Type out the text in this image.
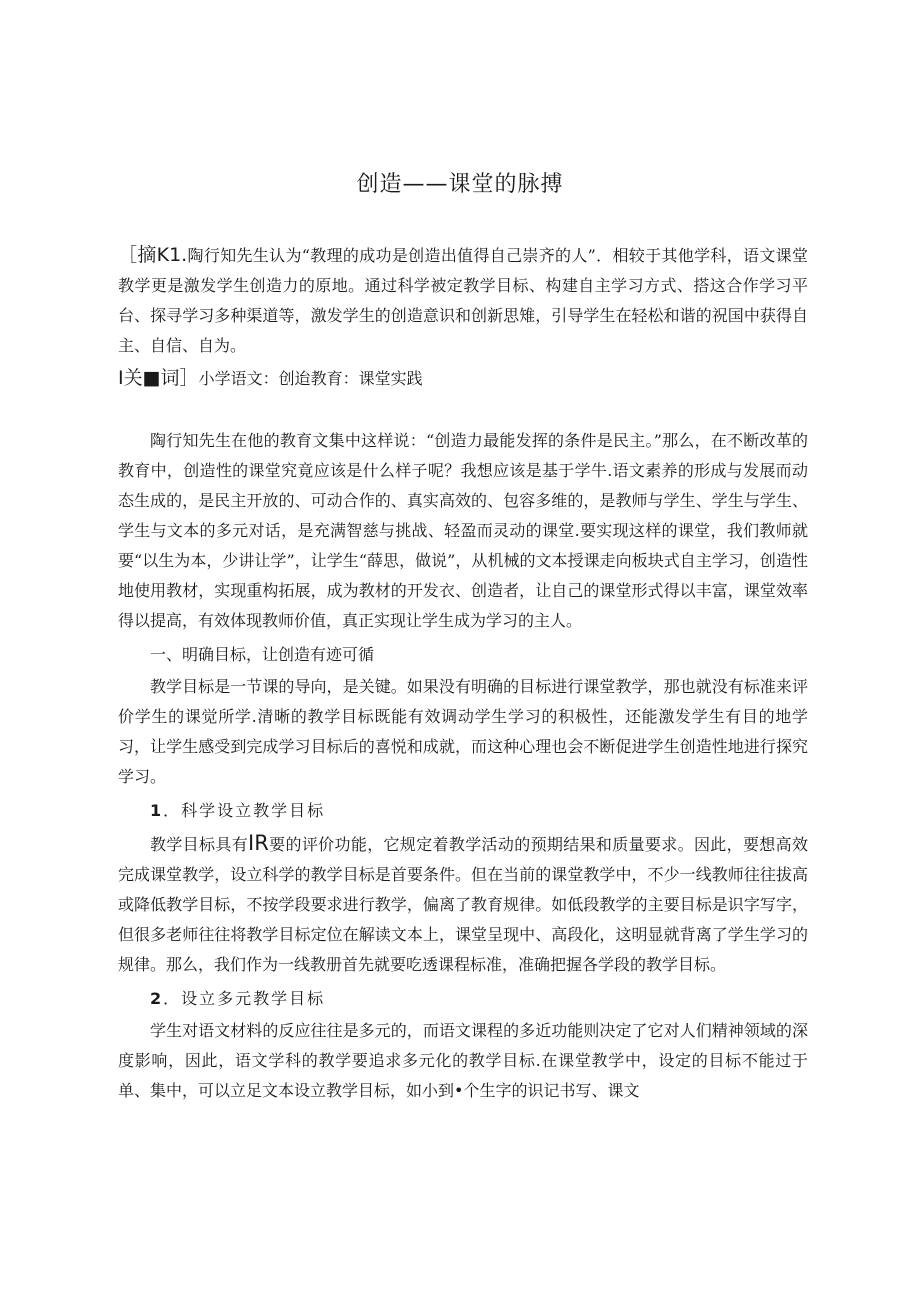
创造——课堂的脉搏

［摘K1.陶行知先生认为“教理的成功是创造出值得自己崇齐的人”．相较于其他学科，语文课堂教学更是激发学生创造力的原地。通过科学被定教学目标、构建自主学习方式、搭这合作学习平台、探寻学习多种渠道等，激发学生的创造意识和创新思雉，引导学生在轻松和谐的祝国中获得自主、自信、自为。

I关■词］小学语文：创迨教育：课堂实践

陶行知先生在他的教育文集中这样说：“创造力最能发挥的条件是民主。”那么，在不断改革的教育中，创造性的课堂究竟应该是什么样子呢？我想应该是基于学牛.语文素养的形成与发展而动态生成的，是民主开放的、可动合作的、真实高效的、包容多维的，是教师与学生、学生与学生、学生与文本的多元对话，是充满智慈与挑战、轻盈而灵动的课堂.要实现这样的课堂，我们教师就要“以生为本，少讲让学”，让学生“薛思，做说”，从机械的文本授课走向板块式自主学习，创造性地使用教材，实现重构拓展，成为教材的开发衣、创造者，让自己的课堂形式得以丰富，课堂效率得以提高，有效体现教师价值，真正实现让学生成为学习的主人。

一、明确目标，让创造有迹可循

教学目标是一节课的导向，是关键。如果没有明确的目标进行课堂教学，那也就没有标准来评价学生的课觉所学.清晰的教学目标既能有效调动学生学习的积极性，还能激发学生有目的地学习，让学生感受到完成学习目标后的喜悦和成就，而这种心理也会不断促进学生创造性地进行探究学习。

1．科学设立教学目标

教学目标具有IR要的评价功能，它规定着教学活动的预期结果和质量要求。因此，要想高效完成课堂教学，设立科学的教学目标是首要条件。但在当前的课堂教学中，不少一线教师往往拔高或降低教学目标，不按学段要求进行教学，偏离了教育规律。如低段教学的主要目标是识字写字，但很多老师往往将教学目标定位在解读文本上，课堂呈现中、高段化，这明显就背离了学生学习的规律。那么，我们作为一线教册首先就要吃透课程标准，准确把握各学段的教学目标。

2．设立多元教学目标

学生对语文材料的反应往往是多元的，而语文课程的多近功能则决定了它对人们精神领域的深度影响，因此，语文学科的教学要追求多元化的教学目标.在课堂教学中，设定的目标不能过于单、集中，可以立足文本设立教学目标，如小到•个生字的识记书写、课文
